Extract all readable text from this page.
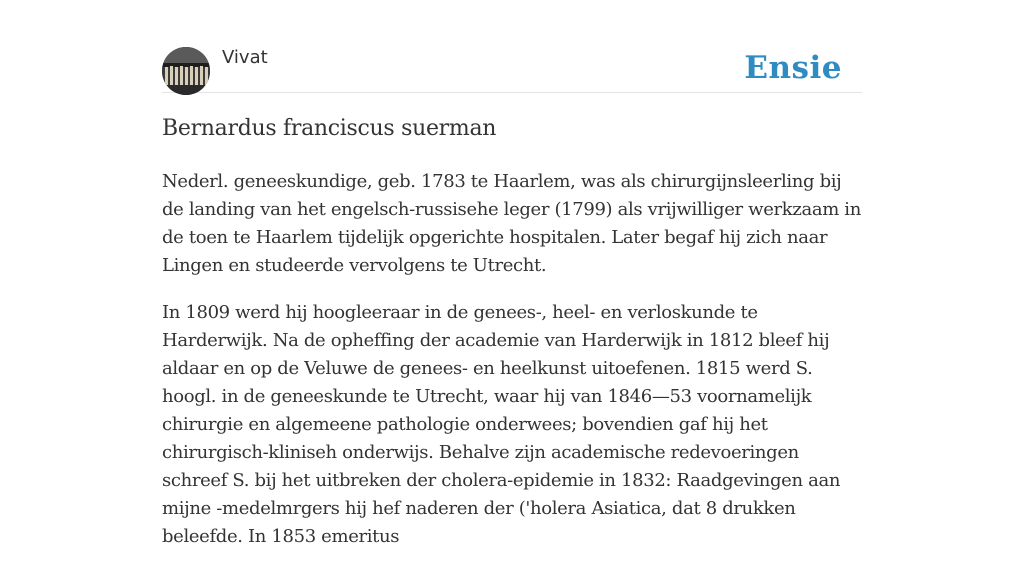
Vivat	Ensie
Bernardus franciscus suerman

Nederl. geneeskundige, geb. 1783 te Haarlem, was als chirurgijnsleerling bij de landing van het engelsch-russisehe leger (1799) als vrijwilliger werkzaam in de toen te Haarlem tijdelijk opgerichte hospitalen. Later begaf hij zich naar Lingen en studeerde vervolgens te Utrecht.

In 1809 werd hij hoogleeraar in de genees-, heel- en verloskunde te Harderwijk. Na de opheffing der academie van Harderwijk in 1812 bleef hij aldaar en op de Veluwe de genees- en heelkunst uitoefenen. 1815 werd S. hoogl. in de geneeskunde te Utrecht, waar hij van 1846—53 voornamelijk chirurgie en algemeene pathologie onderwees; bovendien gaf hij het chirurgisch-kliniseh onderwijs. Behalve zijn academische redevoeringen schreef S. bij het uitbreken der cholera-epidemie in 1832: Raadgevingen aan mijne -medelmrgers hij hef naderen der ('holera Asiatica, dat 8 drukken beleefde. In 1853 emeritus
